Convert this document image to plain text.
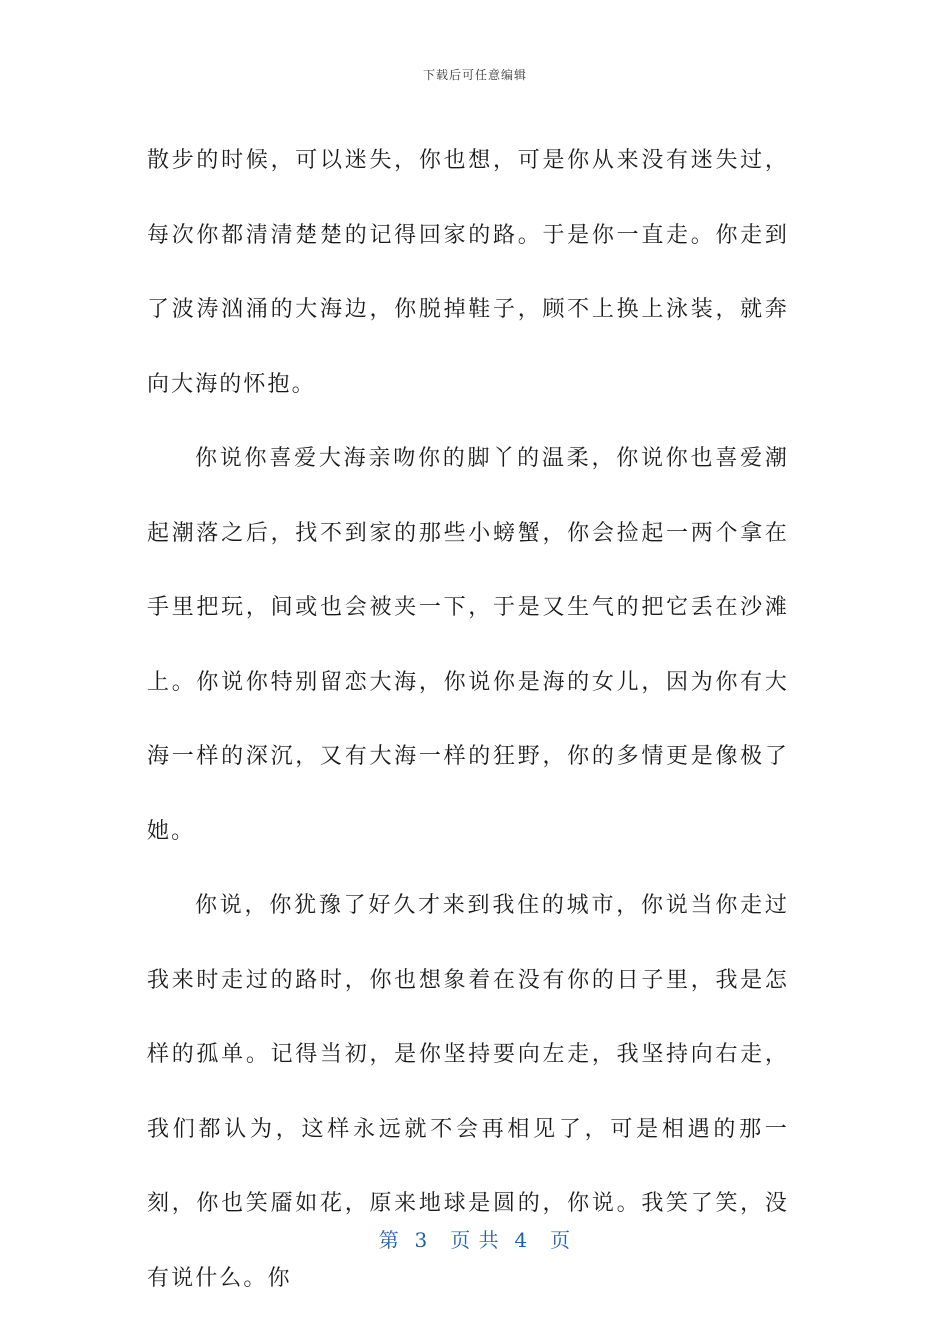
下载后可任意编辑

散步的时候，可以迷失，你也想，可是你从来没有迷失过，每次你都清清楚楚的记得回家的路。于是你一直走。你走到了波涛汹涌的大海边，你脱掉鞋子，顾不上换上泳装，就奔向大海的怀抱。

你说你喜爱大海亲吻你的脚丫的温柔，你说你也喜爱潮起潮落之后，找不到家的那些小螃蟹，你会捡起一两个拿在手里把玩，间或也会被夹一下，于是又生气的把它丢在沙滩上。你说你特别留恋大海，你说你是海的女儿，因为你有大海一样的深沉，又有大海一样的狂野，你的多情更是像极了她。

你说，你犹豫了好久才来到我住的城市，你说当你走过我来时走过的路时，你也想象着在没有你的日子里，我是怎样的孤单。记得当初，是你坚持要向左走，我坚持向右走，我们都认为，这样永远就不会再相见了，可是相遇的那一刻，你也笑靥如花，原来地球是圆的，你说。我笑了笑，没有说什么。你

第  3   页 共  4   页
